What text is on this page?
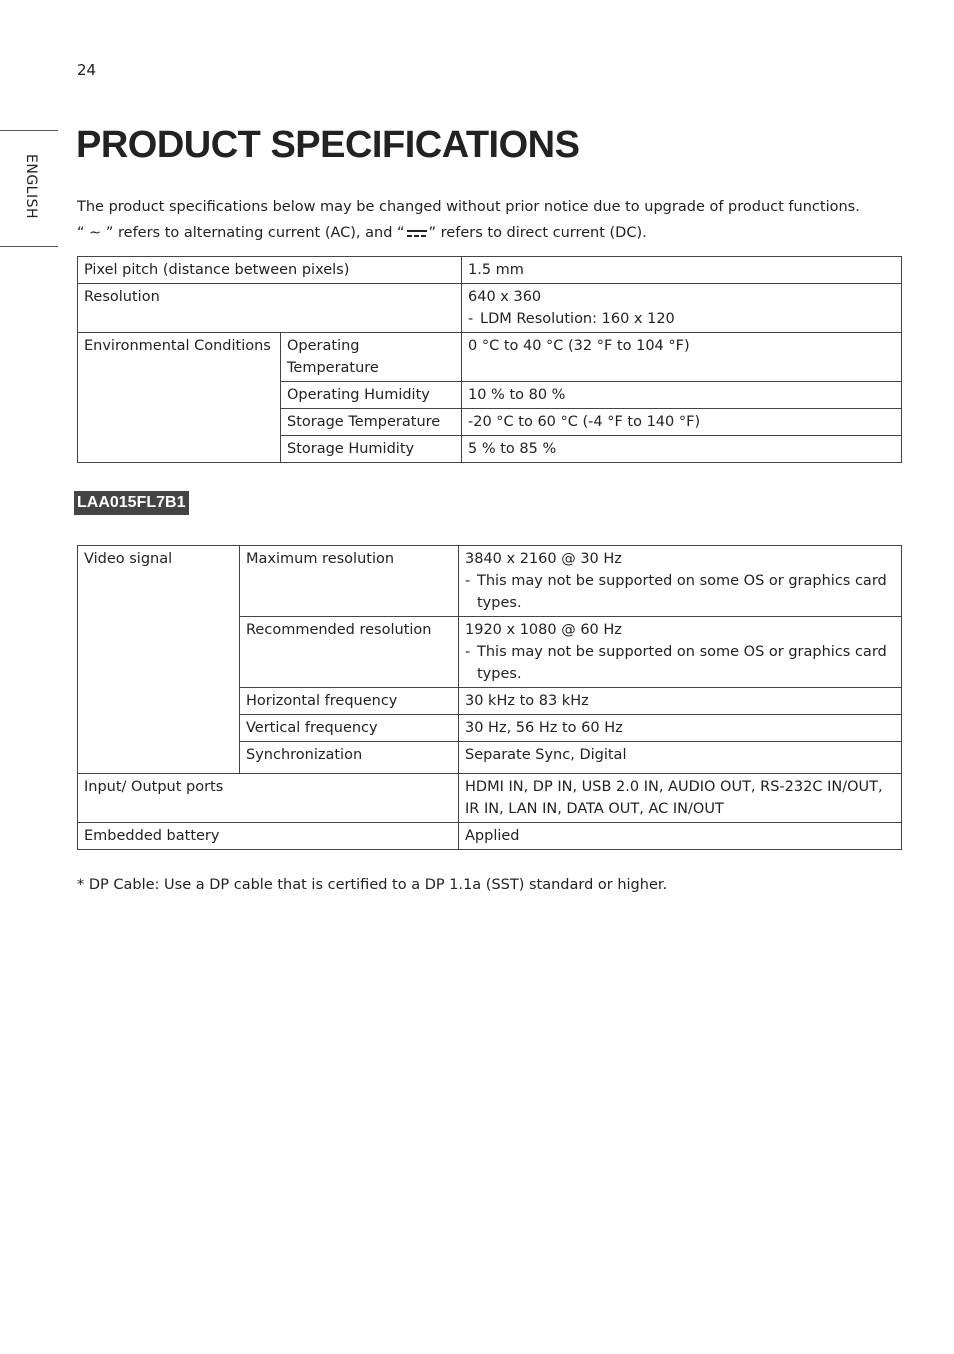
24
ENGLISH
PRODUCT SPECIFICATIONS
The product specifications below may be changed without prior notice due to upgrade of product functions.
“ ∼ ” refers to alternating current (AC), and “ ” refers to direct current (DC).
Pixel pitch (distance between pixels)		1.5 mm
Resolution		640 x 360
- LDM Resolution: 160 x 120

Environmental Conditions	Operating Temperature	0 °C to 40 °C (32 °F to 104 °F)
	Operating Humidity	10 % to 80 %
	Storage Temperature	-20 °C to 60 °C (-4 °F to 140 °F)
	Storage Humidity	5 % to 85 %
LAA015FL7B1
Video signal	Maximum resolution	3840 x 2160 @ 30 Hz
- This may not be supported on some OS or graphics card types.

	Recommended resolution	1920 x 1080 @ 60 Hz
- This may not be supported on some OS or graphics card types.

	Horizontal frequency	30 kHz to 83 kHz
	Vertical frequency	30 Hz, 56 Hz to 60 Hz
	Synchronization	Separate Sync, Digital
Input/ Output ports		HDMI IN, DP IN, USB 2.0 IN, AUDIO OUT, RS-232C IN/OUT,
IR IN, LAN IN, DATA OUT, AC IN/OUT

Embedded battery		Applied
* DP Cable: Use a DP cable that is certified to a DP 1.1a (SST) standard or higher.
